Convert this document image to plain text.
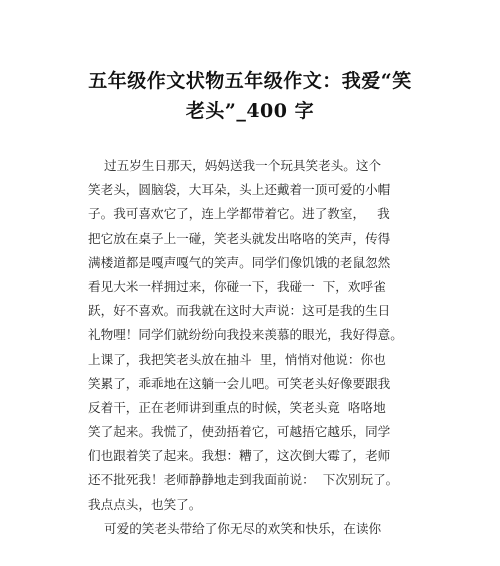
五年级作文状物五年级作文：我爱“笑
老头”_400 字
过五岁生日那天，妈妈送我一个玩具笑老头。这个
笑老头，圆脑袋，大耳朵，头上还戴着一顶可爱的小帽
子。我可喜欢它了，连上学都带着它。进了教室，   我
把它放在桌子上一碰，笑老头就发出咯咯的笑声，传得
满楼道都是嘎声嘎气的笑声。同学们像饥饿的老鼠忽然
看见大米一样拥过来，你碰一下，我碰一  下，欢呼雀
跃，好不喜欢。而我就在这时大声说：这可是我的生日
礼物哩！同学们就纷纷向我投来羡慕的眼光，我好得意。
上课了，我把笑老头放在抽斗  里，悄悄对他说：你也
笑累了，乖乖地在这躺一会儿吧。可笑老头好像要跟我
反着干，正在老师讲到重点的时候，笑老头竟  咯咯地
笑了起来。我慌了，使劲捂着它，可越捂它越乐，同学
们也跟着笑了起来。我想：糟了，这次倒大霉了，老师
还不批死我！老师静静地走到我面前说：  下次别玩了。
我点点头，也笑了。
可爱的笑老头带给了你无尽的欢笑和快乐，在读你
